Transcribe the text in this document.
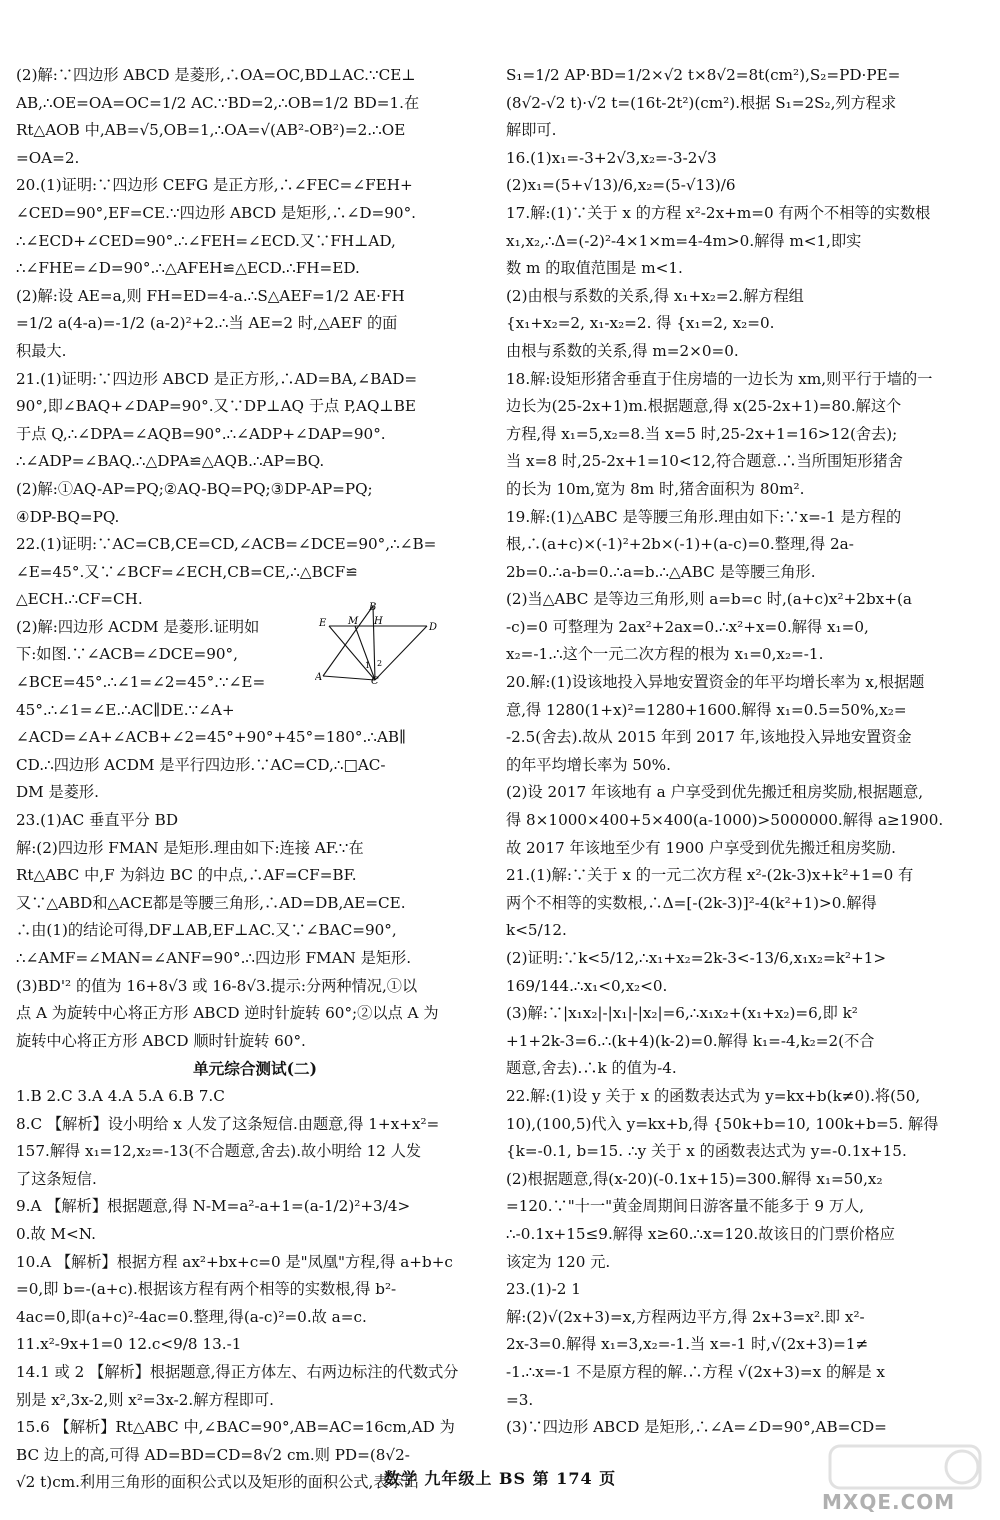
(2)解:∵四边形 ABCD 是菱形,∴OA=OC,BD⊥AC.∵CE⊥
AB,∴OE=OA=OC=1/2 AC.∵BD=2,∴OB=1/2 BD=1.在
Rt△AOB 中,AB=√5,OB=1,∴OA=√(AB²-OB²)=2.∴OE
=OA=2.
20.(1)证明:∵四边形 CEFG 是正方形,∴∠FEC=∠FEH+
∠CED=90°,EF=CE.∵四边形 ABCD 是矩形,∴∠D=90°.
∴∠ECD+∠CED=90°.∴∠FEH=∠ECD.又∵FH⊥AD,
∴∠FHE=∠D=90°.∴△AFEH≌△ECD.∴FH=ED.
(2)解:设 AE=a,则 FH=ED=4-a.∴S△AEF=1/2 AE·FH
=1/2 a(4-a)=-1/2 (a-2)²+2.∴当 AE=2 时,△AEF 的面
积最大.
21.(1)证明:∵四边形 ABCD 是正方形,∴AD=BA,∠BAD=
90°,即∠BAQ+∠DAP=90°.又∵DP⊥AQ 于点 P,AQ⊥BE
于点 Q,∴∠DPA=∠AQB=90°.∴∠ADP+∠DAP=90°.
∴∠ADP=∠BAQ.∴△DPA≌△AQB.∴AP=BQ.
(2)解:①AQ-AP=PQ;②AQ-BQ=PQ;③DP-AP=PQ;
④DP-BQ=PQ.
22.(1)证明:∵AC=CB,CE=CD,∠ACB=∠DCE=90°,∴∠B=
∠E=45°.又∵∠BCF=∠ECH,CB=CE,∴△BCF≌
△ECH.∴CF=CH.
(2)解:四边形 ACDM 是菱形.证明如
下:如图.∵∠ACB=∠DCE=90°,
∠BCE=45°.∴∠1=∠2=45°.∵∠E=
45°.∴∠1=∠E.∴AC∥DE.∵∠A+
∠ACD=∠A+∠ACB+∠2=45°+90°+45°=180°.∴AB∥
CD.∴四边形 ACDM 是平行四边形.∵AC=CD,∴□AC-
DM 是菱形.
23.(1)AC 垂直平分 BD
解:(2)四边形 FMAN 是矩形.理由如下:连接 AF.∵在
Rt△ABC 中,F 为斜边 BC 的中点,∴AF=CF=BF.
又∵△ABD和△ACE都是等腰三角形,∴AD=DB,AE=CE.
∴由(1)的结论可得,DF⊥AB,EF⊥AC.又∵∠BAC=90°,
∴∠AMF=∠MAN=∠ANF=90°.∴四边形 FMAN 是矩形.
(3)BD'² 的值为 16+8√3 或 16-8√3.提示:分两种情况,①以
点 A 为旋转中心将正方形 ABCD 逆时针旋转 60°;②以点 A 为
旋转中心将正方形 ABCD 顺时针旋转 60°.
单元综合测试(二)
1.B 2.C 3.A 4.A 5.A 6.B 7.C
8.C 【解析】设小明给 x 人发了这条短信.由题意,得 1+x+x²=
157.解得 x₁=12,x₂=-13(不合题意,舍去).故小明给 12 人发
了这条短信.
9.A 【解析】根据题意,得 N-M=a²-a+1=(a-1/2)²+3/4>
0.故 M<N.
10.A 【解析】根据方程 ax²+bx+c=0 是"凤凰"方程,得 a+b+c
=0,即 b=-(a+c).根据该方程有两个相等的实数根,得 b²-
4ac=0,即(a+c)²-4ac=0.整理,得(a-c)²=0.故 a=c.
11.x²-9x+1=0 12.c<9/8 13.-1
14.1 或 2 【解析】根据题意,得正方体左、右两边标注的代数式分
别是 x²,3x-2,则 x²=3x-2.解方程即可.
15.6 【解析】Rt△ABC 中,∠BAC=90°,AB=AC=16cm,AD 为
BC 边上的高,可得 AD=BD=CD=8√2 cm.则 PD=(8√2-
√2 t)cm.利用三角形的面积公式以及矩形的面积公式,表示出
S₁=1/2 AP·BD=1/2×√2 t×8√2=8t(cm²),S₂=PD·PE=
(8√2-√2 t)·√2 t=(16t-2t²)(cm²).根据 S₁=2S₂,列方程求
解即可.
16.(1)x₁=-3+2√3,x₂=-3-2√3
(2)x₁=(5+√13)/6,x₂=(5-√13)/6
17.解:(1)∵关于 x 的方程 x²-2x+m=0 有两个不相等的实数根
x₁,x₂,∴Δ=(-2)²-4×1×m=4-4m>0.解得 m<1,即实
数 m 的取值范围是 m<1.
(2)由根与系数的关系,得 x₁+x₂=2.解方程组
{x₁+x₂=2, x₁-x₂=2. 得 {x₁=2, x₂=0.
由根与系数的关系,得 m=2×0=0.
18.解:设矩形猪舍垂直于住房墙的一边长为 xm,则平行于墙的一
边长为(25-2x+1)m.根据题意,得 x(25-2x+1)=80.解这个
方程,得 x₁=5,x₂=8.当 x=5 时,25-2x+1=16>12(舍去);
当 x=8 时,25-2x+1=10<12,符合题意.∴当所围矩形猪舍
的长为 10m,宽为 8m 时,猪舍面积为 80m².
19.解:(1)△ABC 是等腰三角形.理由如下:∵x=-1 是方程的
根,∴(a+c)×(-1)²+2b×(-1)+(a-c)=0.整理,得 2a-
2b=0.∴a-b=0.∴a=b.∴△ABC 是等腰三角形.
(2)当△ABC 是等边三角形,则 a=b=c 时,(a+c)x²+2bx+(a
-c)=0 可整理为 2ax²+2ax=0.∴x²+x=0.解得 x₁=0,
x₂=-1.∴这个一元二次方程的根为 x₁=0,x₂=-1.
20.解:(1)设该地投入异地安置资金的年平均增长率为 x,根据题
意,得 1280(1+x)²=1280+1600.解得 x₁=0.5=50%,x₂=
-2.5(舍去).故从 2015 年到 2017 年,该地投入异地安置资金
的年平均增长率为 50%.
(2)设 2017 年该地有 a 户享受到优先搬迁租房奖励,根据题意,
得 8×1000×400+5×400(a-1000)>5000000.解得 a≥1900.
故 2017 年该地至少有 1900 户享受到优先搬迁租房奖励.
21.(1)解:∵关于 x 的一元二次方程 x²-(2k-3)x+k²+1=0 有
两个不相等的实数根,∴Δ=[-(2k-3)]²-4(k²+1)>0.解得
k<5/12.
(2)证明:∵k<5/12,∴x₁+x₂=2k-3<-13/6,x₁x₂=k²+1>
169/144.∴x₁<0,x₂<0.
(3)解:∵|x₁x₂|-|x₁|-|x₂|=6,∴x₁x₂+(x₁+x₂)=6,即 k²
+1+2k-3=6.∴(k+4)(k-2)=0.解得 k₁=-4,k₂=2(不合
题意,舍去).∴k 的值为-4.
22.解:(1)设 y 关于 x 的函数表达式为 y=kx+b(k≠0).将(50,
10),(100,5)代入 y=kx+b,得 {50k+b=10, 100k+b=5. 解得
{k=-0.1, b=15. ∴y 关于 x 的函数表达式为 y=-0.1x+15.
(2)根据题意,得(x-20)(-0.1x+15)=300.解得 x₁=50,x₂
=120.∵"十一"黄金周期间日游客量不能多于 9 万人,
∴-0.1x+15≤9.解得 x≥60.∴x=120.故该日的门票价格应
该定为 120 元.
23.(1)-2 1
解:(2)√(2x+3)=x,方程两边平方,得 2x+3=x².即 x²-
2x-3=0.解得 x₁=3,x₂=-1.当 x=-1 时,√(2x+3)=1≠
-1.∴x=-1 不是原方程的解.∴方程 √(2x+3)=x 的解是 x
=3.
(3)∵四边形 ABCD 是矩形,∴∠A=∠D=90°,AB=CD=
B
E M H
D
A	C
1 2
数学 九年级上 BS 第 174 页
MXQE.COM
